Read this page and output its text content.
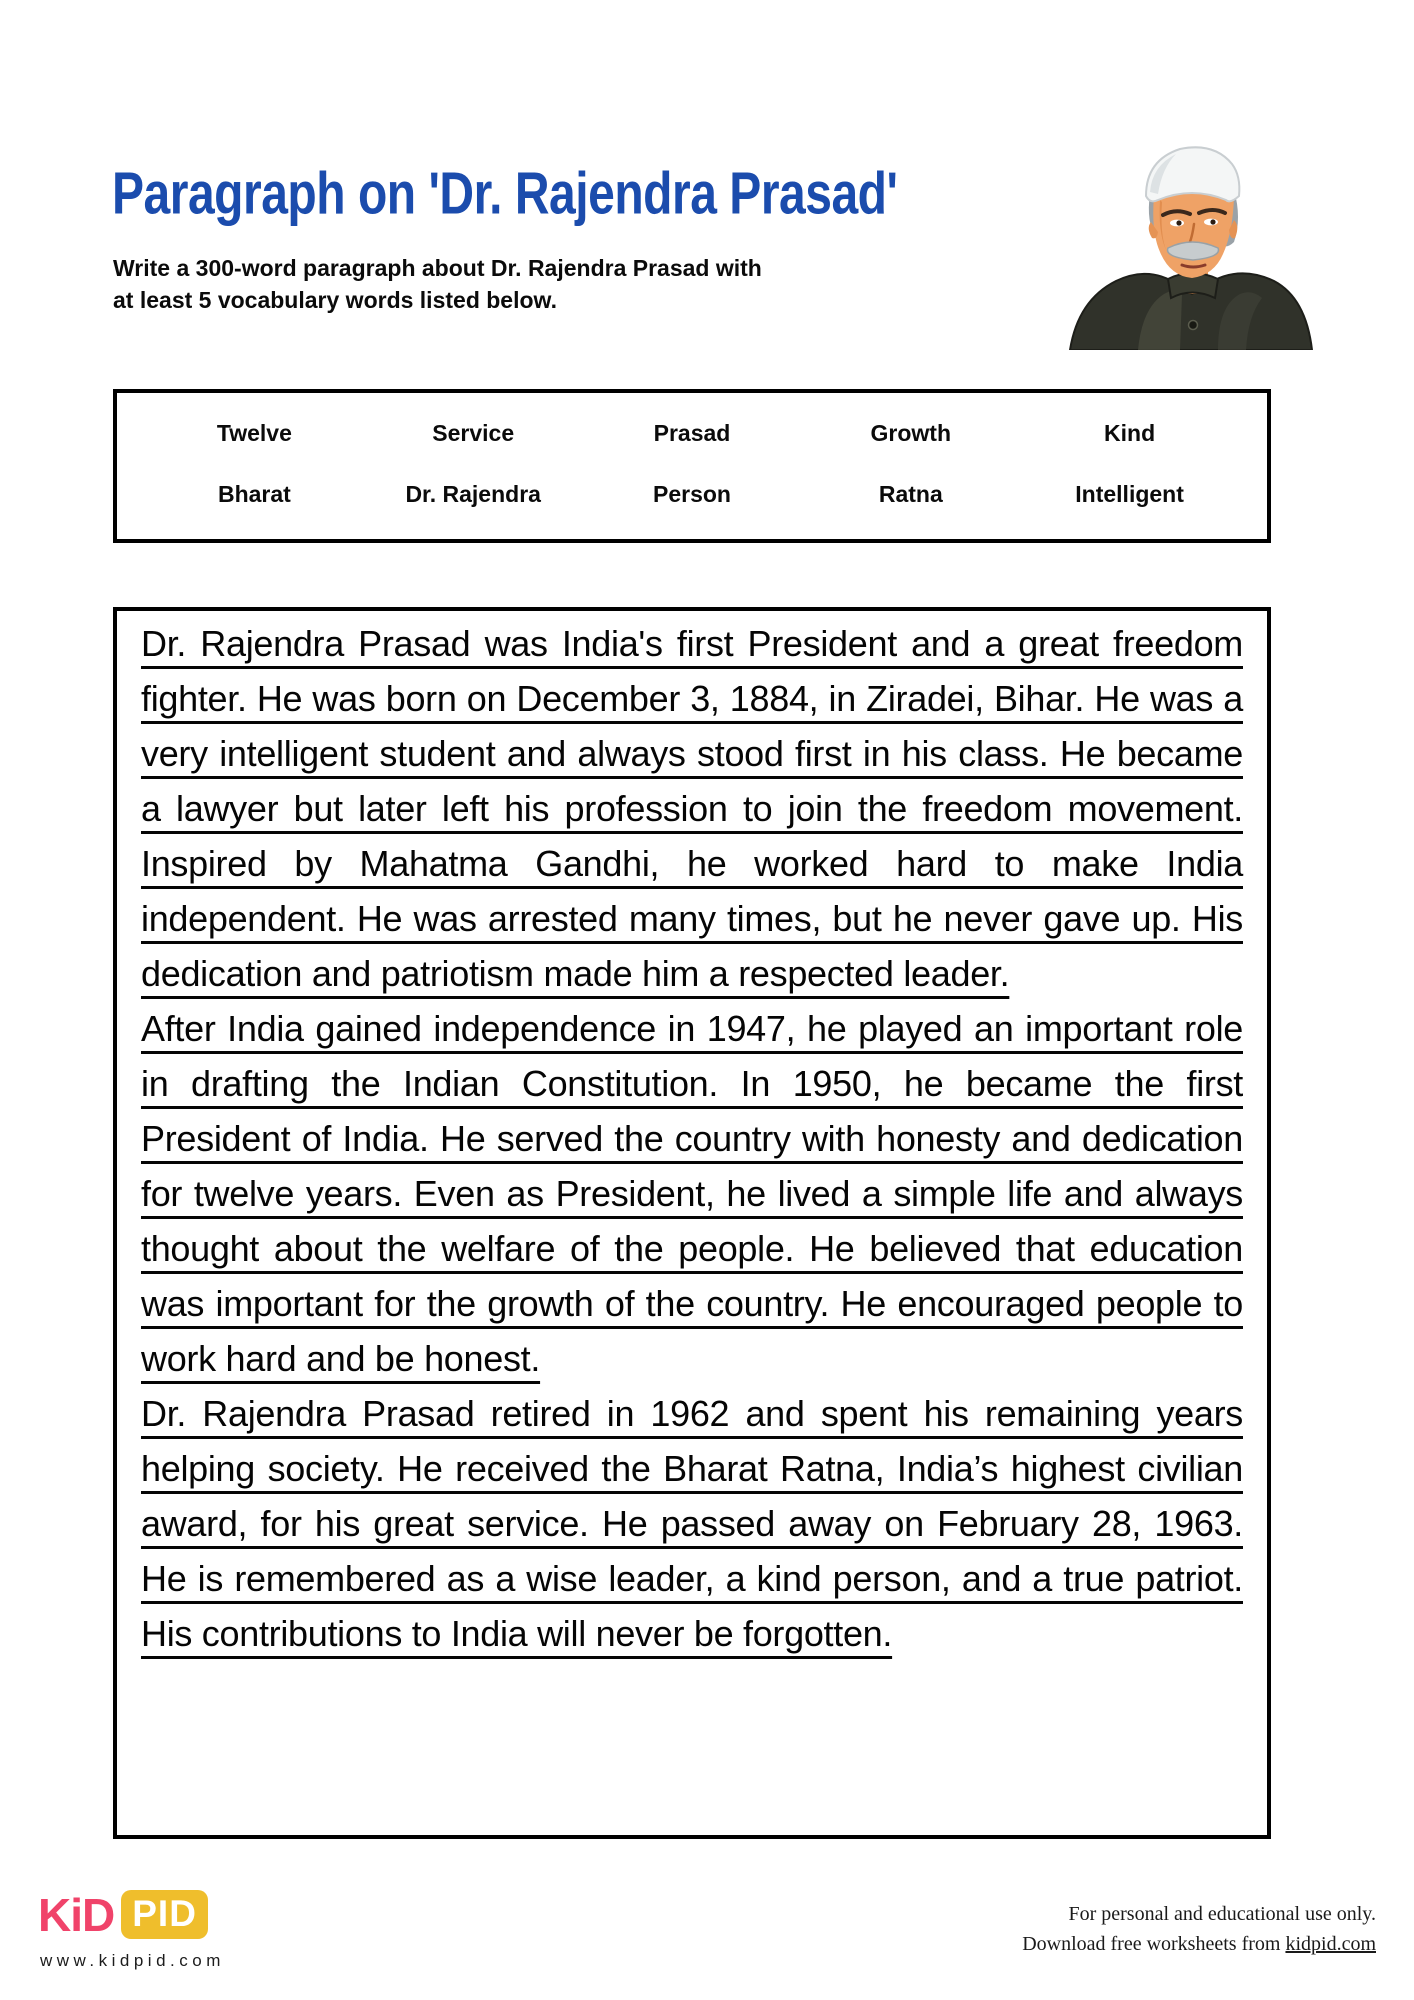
Paragraph on 'Dr. Rajendra Prasad'
Write a 300-word paragraph about Dr. Rajendra Prasad with
at least 5 vocabulary words listed below.
Twelve	Service	Prasad	Growth	Kind
Bharat	Dr. Rajendra	Person	Ratna	Intelligent

Dr. Rajendra Prasad was India's first President and a great freedom fighter. He was born on December 3, 1884, in Ziradei, Bihar. He was a very intelligent student and always stood first in his class. He became a lawyer but later left his profession to join the freedom movement. Inspired by Mahatma Gandhi, he worked hard to make India independent. He was arrested many times, but he never gave up. His dedication and patriotism made him a respected leader.

After India gained independence in 1947, he played an important role in drafting the Indian Constitution. In 1950, he became the first President of India. He served the country with honesty and dedication for twelve years. Even as President, he lived a simple life and always thought about the welfare of the people. He believed that education was important for the growth of the country. He encouraged people to work hard and be honest.

Dr. Rajendra Prasad retired in 1962 and spent his remaining years helping society. He received the Bharat Ratna, India’s highest civilian award, for his great service. He passed away on February 28, 1963. He is remembered as a wise leader, a kind person, and a true patriot. His contributions to India will never be forgotten.

KiD PID
www.kidpid.com
For personal and educational use only.
Download free worksheets from kidpid.com
